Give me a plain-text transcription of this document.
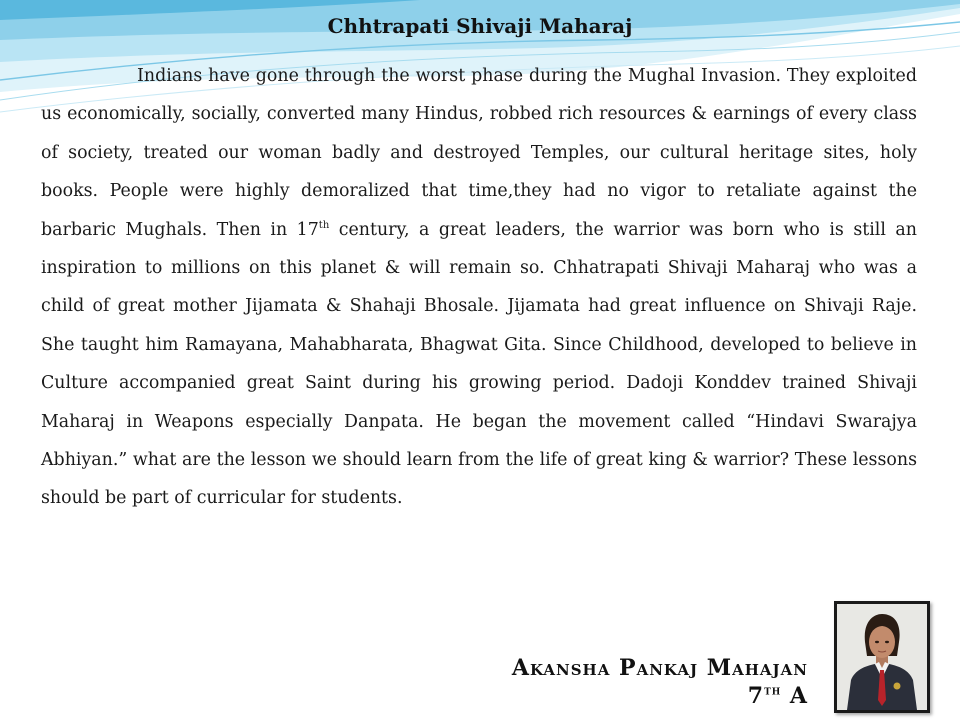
Chhtrapati Shivaji Maharaj

Indians have gone through the worst phase during the Mughal Invasion. They exploited us economically, socially, converted many Hindus, robbed rich resources & earnings of every class of society, treated our woman badly and destroyed Temples, our cultural heritage sites, holy books. People were highly demoralized that time,they had no vigor to retaliate against the barbaric Mughals. Then in 17th century, a great leaders, the warrior was born who is still an inspiration to millions on this planet & will remain so. Chhatrapati Shivaji Maharaj who was a child of great mother Jijamata & Shahaji Bhosale. Jijamata had great influence on Shivaji Raje. She taught him Ramayana, Mahabharata, Bhagwat Gita. Since Childhood, developed to believe in Culture accompanied great Saint during his growing period. Dadoji Konddev trained Shivaji Maharaj in Weapons especially Danpata. He began the movement called “Hindavi Swarajya Abhiyan.” what are the lesson we should learn from the life of great king & warrior? These lessons should be part of curricular for students.

Akansha Pankaj Mahajan
7th A
